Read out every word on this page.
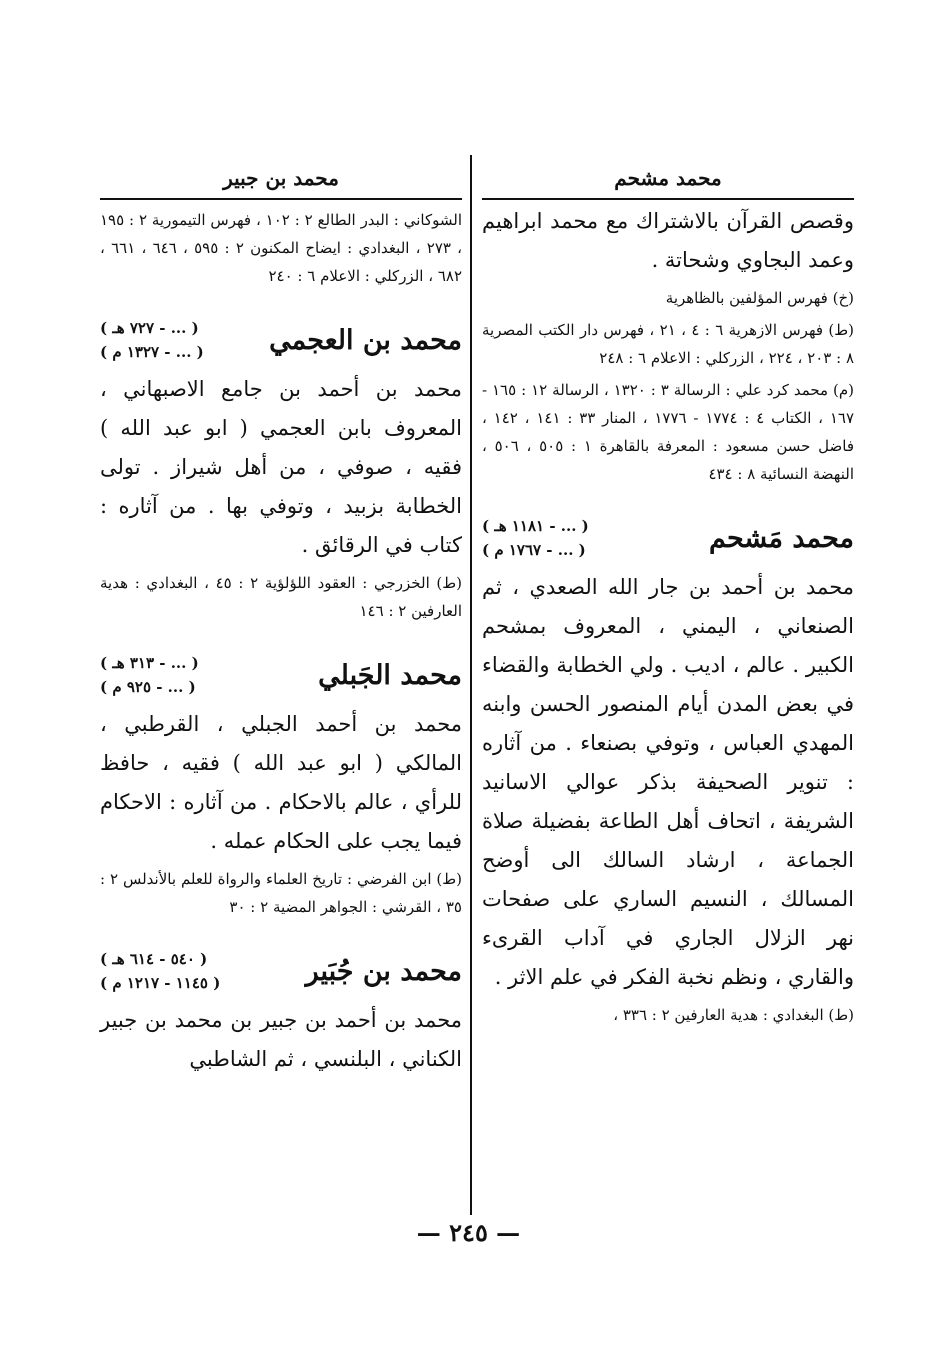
محمد مشحم
وقصص القرآن بالاشتراك مع محمد ابراهيم وعمد البجاوي وشحاتة .
(خ) فهرس المؤلفين بالظاهرية
(ط) فهرس الازهرية ٦ : ٤ ، ٢١ ، فهرس دار الكتب المصرية ٨ : ٢٠٣ ، ٢٢٤ ، الزركلي : الاعلام ٦ : ٢٤٨
(م) محمد كرد علي : الرسالة ٣ : ١٣٢٠ ، الرسالة ١٢ : ١٦٥ - ١٦٧ ، الكتاب ٤ : ١٧٧٤ - ١٧٧٦ ، المنار ٣٣ : ١٤١ ، ١٤٢ ، فاضل حسن مسعود : المعرفة بالقاهرة ١ : ٥٠٥ ، ٥٠٦ ، النهضة النسائية ٨ : ٤٣٤
محمد مَشحم
( ... - ١١٨١ هـ )
( ... - ١٧٦٧ م )
محمد بن أحمد بن جار الله الصعدي ، ثم الصنعاني ، اليمني ، المعروف بمشحم الكبير . عالم ، اديب . ولي الخطابة والقضاء في بعض المدن أيام المنصور الحسن وابنه المهدي العباس ، وتوفي بصنعاء . من آثاره : تنوير الصحيفة بذكر عوالي الاسانيد الشريفة ، اتحاف أهل الطاعة بفضيلة صلاة الجماعة ، ارشاد السالك الى أوضح المسالك ، النسيم الساري على صفحات نهر الزلال الجاري في آداب القرىء والقاري ، ونظم نخبة الفكر في علم الاثر .
(ط) البغدادي : هدية العارفين ٢ : ٣٣٦ ،
محمد بن جبير
الشوكاني : البدر الطالع ٢ : ١٠٢ ، فهرس التيمورية ٢ : ١٩٥ ، ٢٧٣ ، البغدادي : ايضاح المكنون ٢ : ٥٩٥ ، ٦٤٦ ، ٦٦١ ، ٦٨٢ ، الزركلي : الاعلام ٦ : ٢٤٠
محمد بن العجمي
( ... - ٧٢٧ هـ )
( ... - ١٣٢٧ م )
محمد بن أحمد بن جامع الاصبهاني ، المعروف بابن العجمي ( ابو عبد الله ) فقيه ، صوفي ، من أهل شيراز . تولى الخطابة بزبيد ، وتوفي بها . من آثاره : كتاب في الرقائق .
(ط) الخزرجي : العقود اللؤلؤية ٢ : ٤٥ ، البغدادي : هدية العارفين ٢ : ١٤٦
محمد الجَبلي
( ... - ٣١٣ هـ )
( ... - ٩٢٥ م )
محمد بن أحمد الجبلي ، القرطبي ، المالكي ( ابو عبد الله ) فقيه ، حافظ للرأي ، عالم بالاحكام . من آثاره : الاحكام فيما يجب على الحكام عمله .
(ط) ابن الفرضي : تاريخ العلماء والرواة للعلم بالأندلس ٢ : ٣٥ ، القرشي : الجواهر المضية ٢ : ٣٠
محمد بن جُبَير
( ٥٤٠ - ٦١٤ هـ )
( ١١٤٥ - ١٢١٧ م )
محمد بن أحمد بن جبير بن محمد بن جبير الكناني ، البلنسي ، ثم الشاطبي
— ٢٤٥ —
